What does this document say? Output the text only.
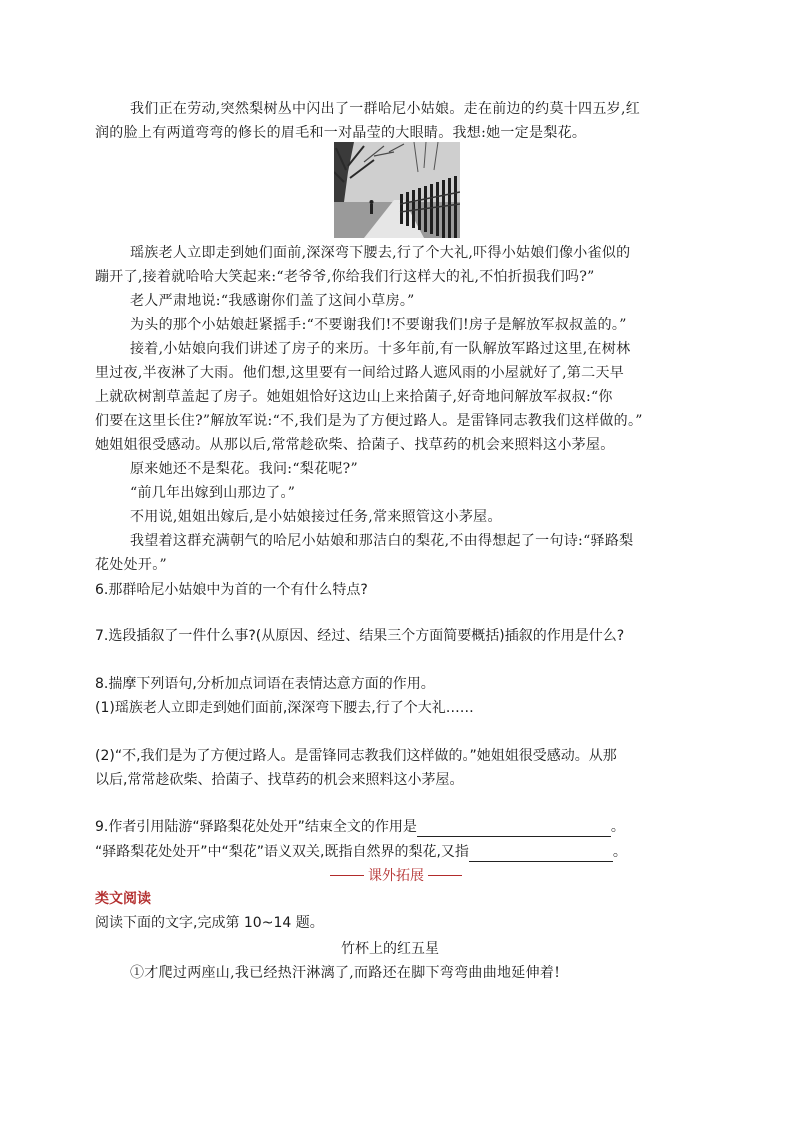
我们正在劳动,突然梨树丛中闪出了一群哈尼小姑娘。走在前边的约莫十四五岁,红
润的脸上有两道弯弯的修长的眉毛和一对晶莹的大眼睛。我想:她一定是梨花。
瑶族老人立即走到她们面前,深深弯下腰去,行了个大礼,吓得小姑娘们像小雀似的
蹦开了,接着就哈哈大笑起来:“老爷爷,你给我们行这样大的礼,不怕折损我们吗?”
老人严肃地说:“我感谢你们盖了这间小草房。”
为头的那个小姑娘赶紧摇手:“不要谢我们!不要谢我们!房子是解放军叔叔盖的。”
接着,小姑娘向我们讲述了房子的来历。十多年前,有一队解放军路过这里,在树林
里过夜,半夜淋了大雨。他们想,这里要有一间给过路人遮风雨的小屋就好了,第二天早
上就砍树割草盖起了房子。她姐姐恰好这边山上来拾菌子,好奇地问解放军叔叔:“你
们要在这里长住?”解放军说:“不,我们是为了方便过路人。是雷锋同志教我们这样做的。”
她姐姐很受感动。从那以后,常常趁砍柴、拾菌子、找草药的机会来照料这小茅屋。
原来她还不是梨花。我问:“梨花呢?”
“前几年出嫁到山那边了。”
不用说,姐姐出嫁后,是小姑娘接过任务,常来照管这小茅屋。
我望着这群充满朝气的哈尼小姑娘和那洁白的梨花,不由得想起了一句诗:“驿路梨
花处处开。”
6.那群哈尼小姑娘中为首的一个有什么特点?
7.选段插叙了一件什么事?(从原因、经过、结果三个方面简要概括)插叙的作用是什么?
8.揣摩下列语句,分析加点词语在表情达意方面的作用。
(1)瑶族老人立即走到她们面前,深深弯下腰去,行了个大礼……
(2)“不,我们是为了方便过路人。是雷锋同志教我们这样做的。”她姐姐很受感动。从那
以后,常常趁砍柴、拾菌子、找草药的机会来照料这小茅屋。
9.作者引用陆游“驿路梨花处处开”结束全文的作用是	。
“驿路梨花处处开”中“梨花”语义双关,既指自然界的梨花,又指	。
课外拓展
类文阅读
阅读下面的文字,完成第 10~14 题。
竹杯上的红五星
①才爬过两座山,我已经热汗淋漓了,而路还在脚下弯弯曲曲地延伸着!
